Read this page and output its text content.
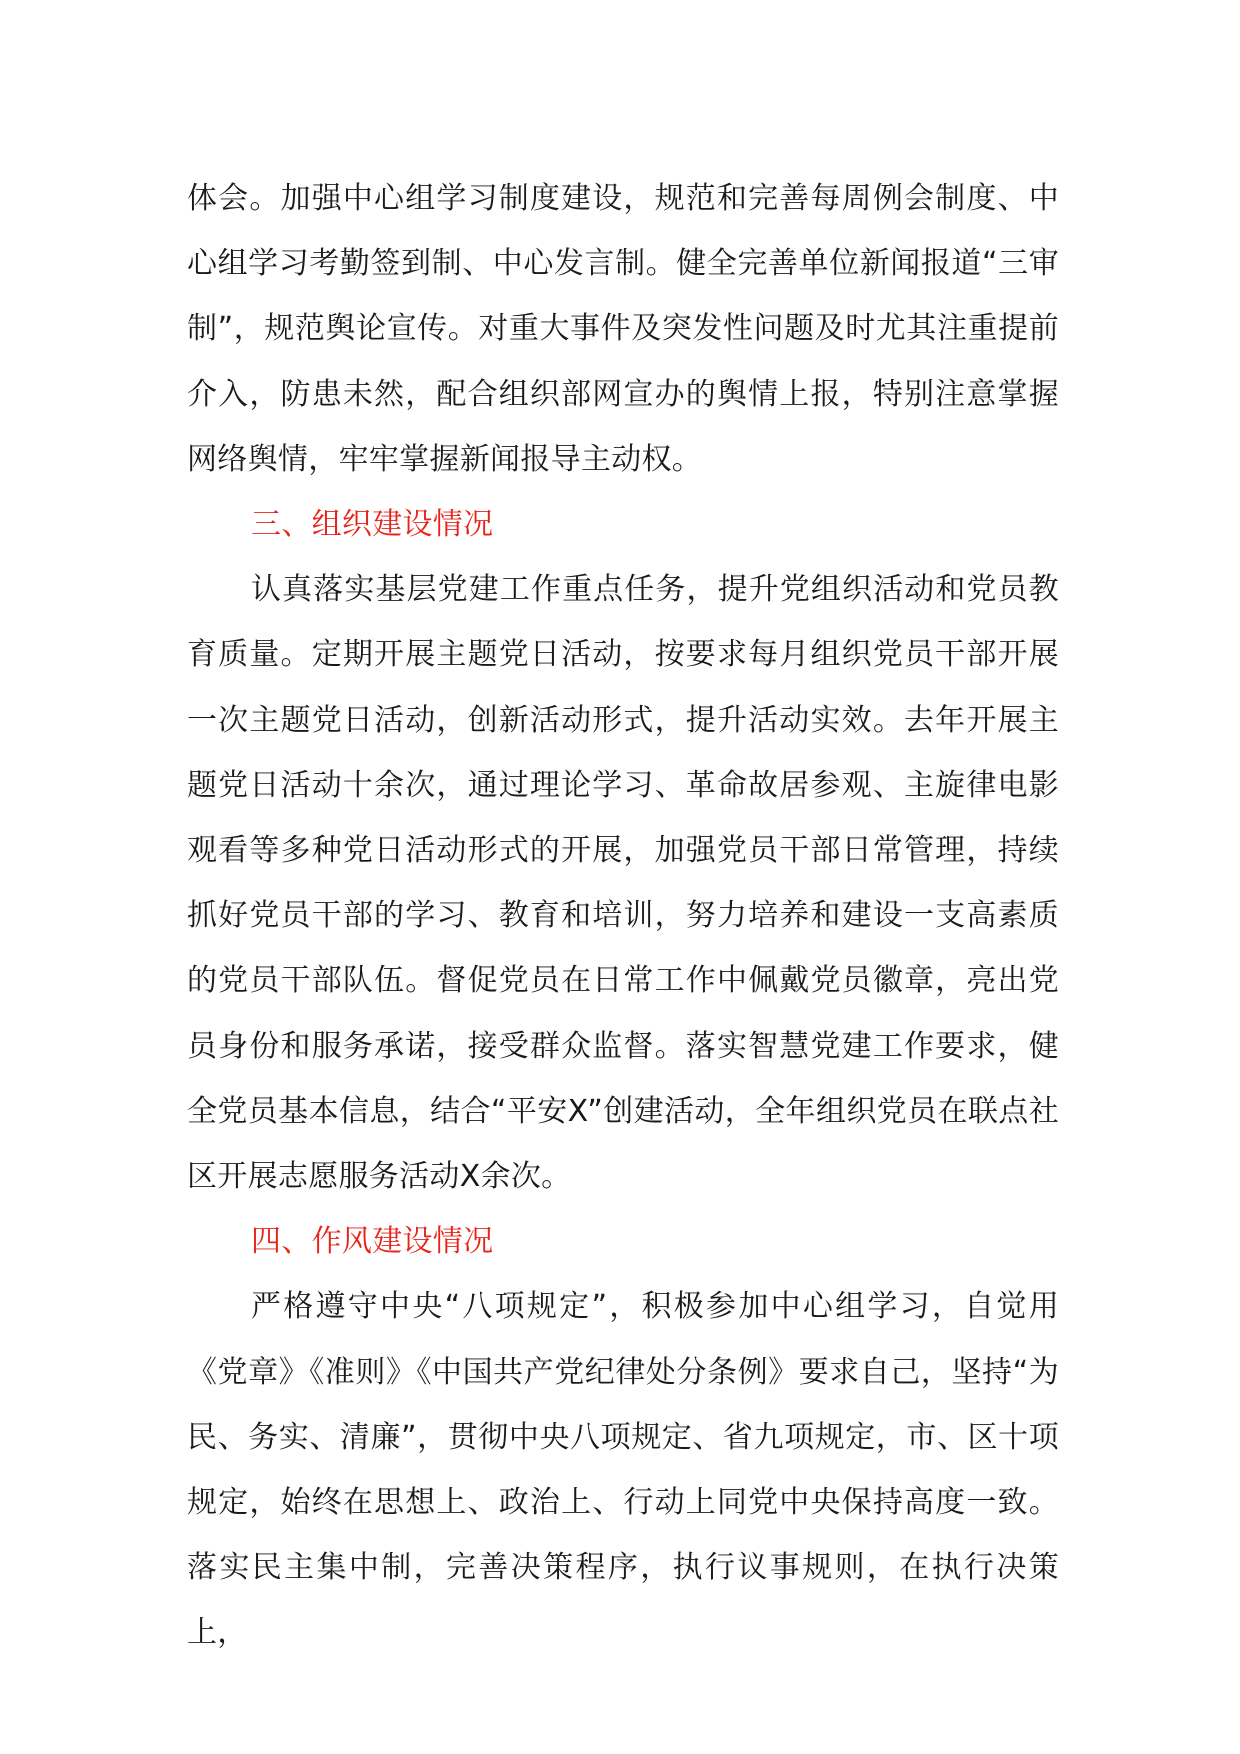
体会。加强中心组学习制度建设，规范和完善每周例会制度、中心组学习考勤签到制、中心发言制。健全完善单位新闻报道“三审制”，规范舆论宣传。对重大事件及突发性问题及时尤其注重提前介入，防患未然，配合组织部网宣办的舆情上报，特别注意掌握网络舆情，牢牢掌握新闻报导主动权。

三、组织建设情况

认真落实基层党建工作重点任务，提升党组织活动和党员教育质量。定期开展主题党日活动，按要求每月组织党员干部开展一次主题党日活动，创新活动形式，提升活动实效。去年开展主题党日活动十余次，通过理论学习、革命故居参观、主旋律电影观看等多种党日活动形式的开展，加强党员干部日常管理，持续抓好党员干部的学习、教育和培训，努力培养和建设一支高素质的党员干部队伍。督促党员在日常工作中佩戴党员徽章，亮出党员身份和服务承诺，接受群众监督。落实智慧党建工作要求，健全党员基本信息，结合“平安X”创建活动，全年组织党员在联点社区开展志愿服务活动X余次。

四、作风建设情况

严格遵守中央“八项规定”，积极参加中心组学习，自觉用《党章》《准则》《中国共产党纪律处分条例》要求自己，坚持“为民、务实、清廉”，贯彻中央八项规定、省九项规定，市、区十项规定，始终在思想上、政治上、行动上同党中央保持高度一致。落实民主集中制，完善决策程序，执行议事规则，在执行决策上，
